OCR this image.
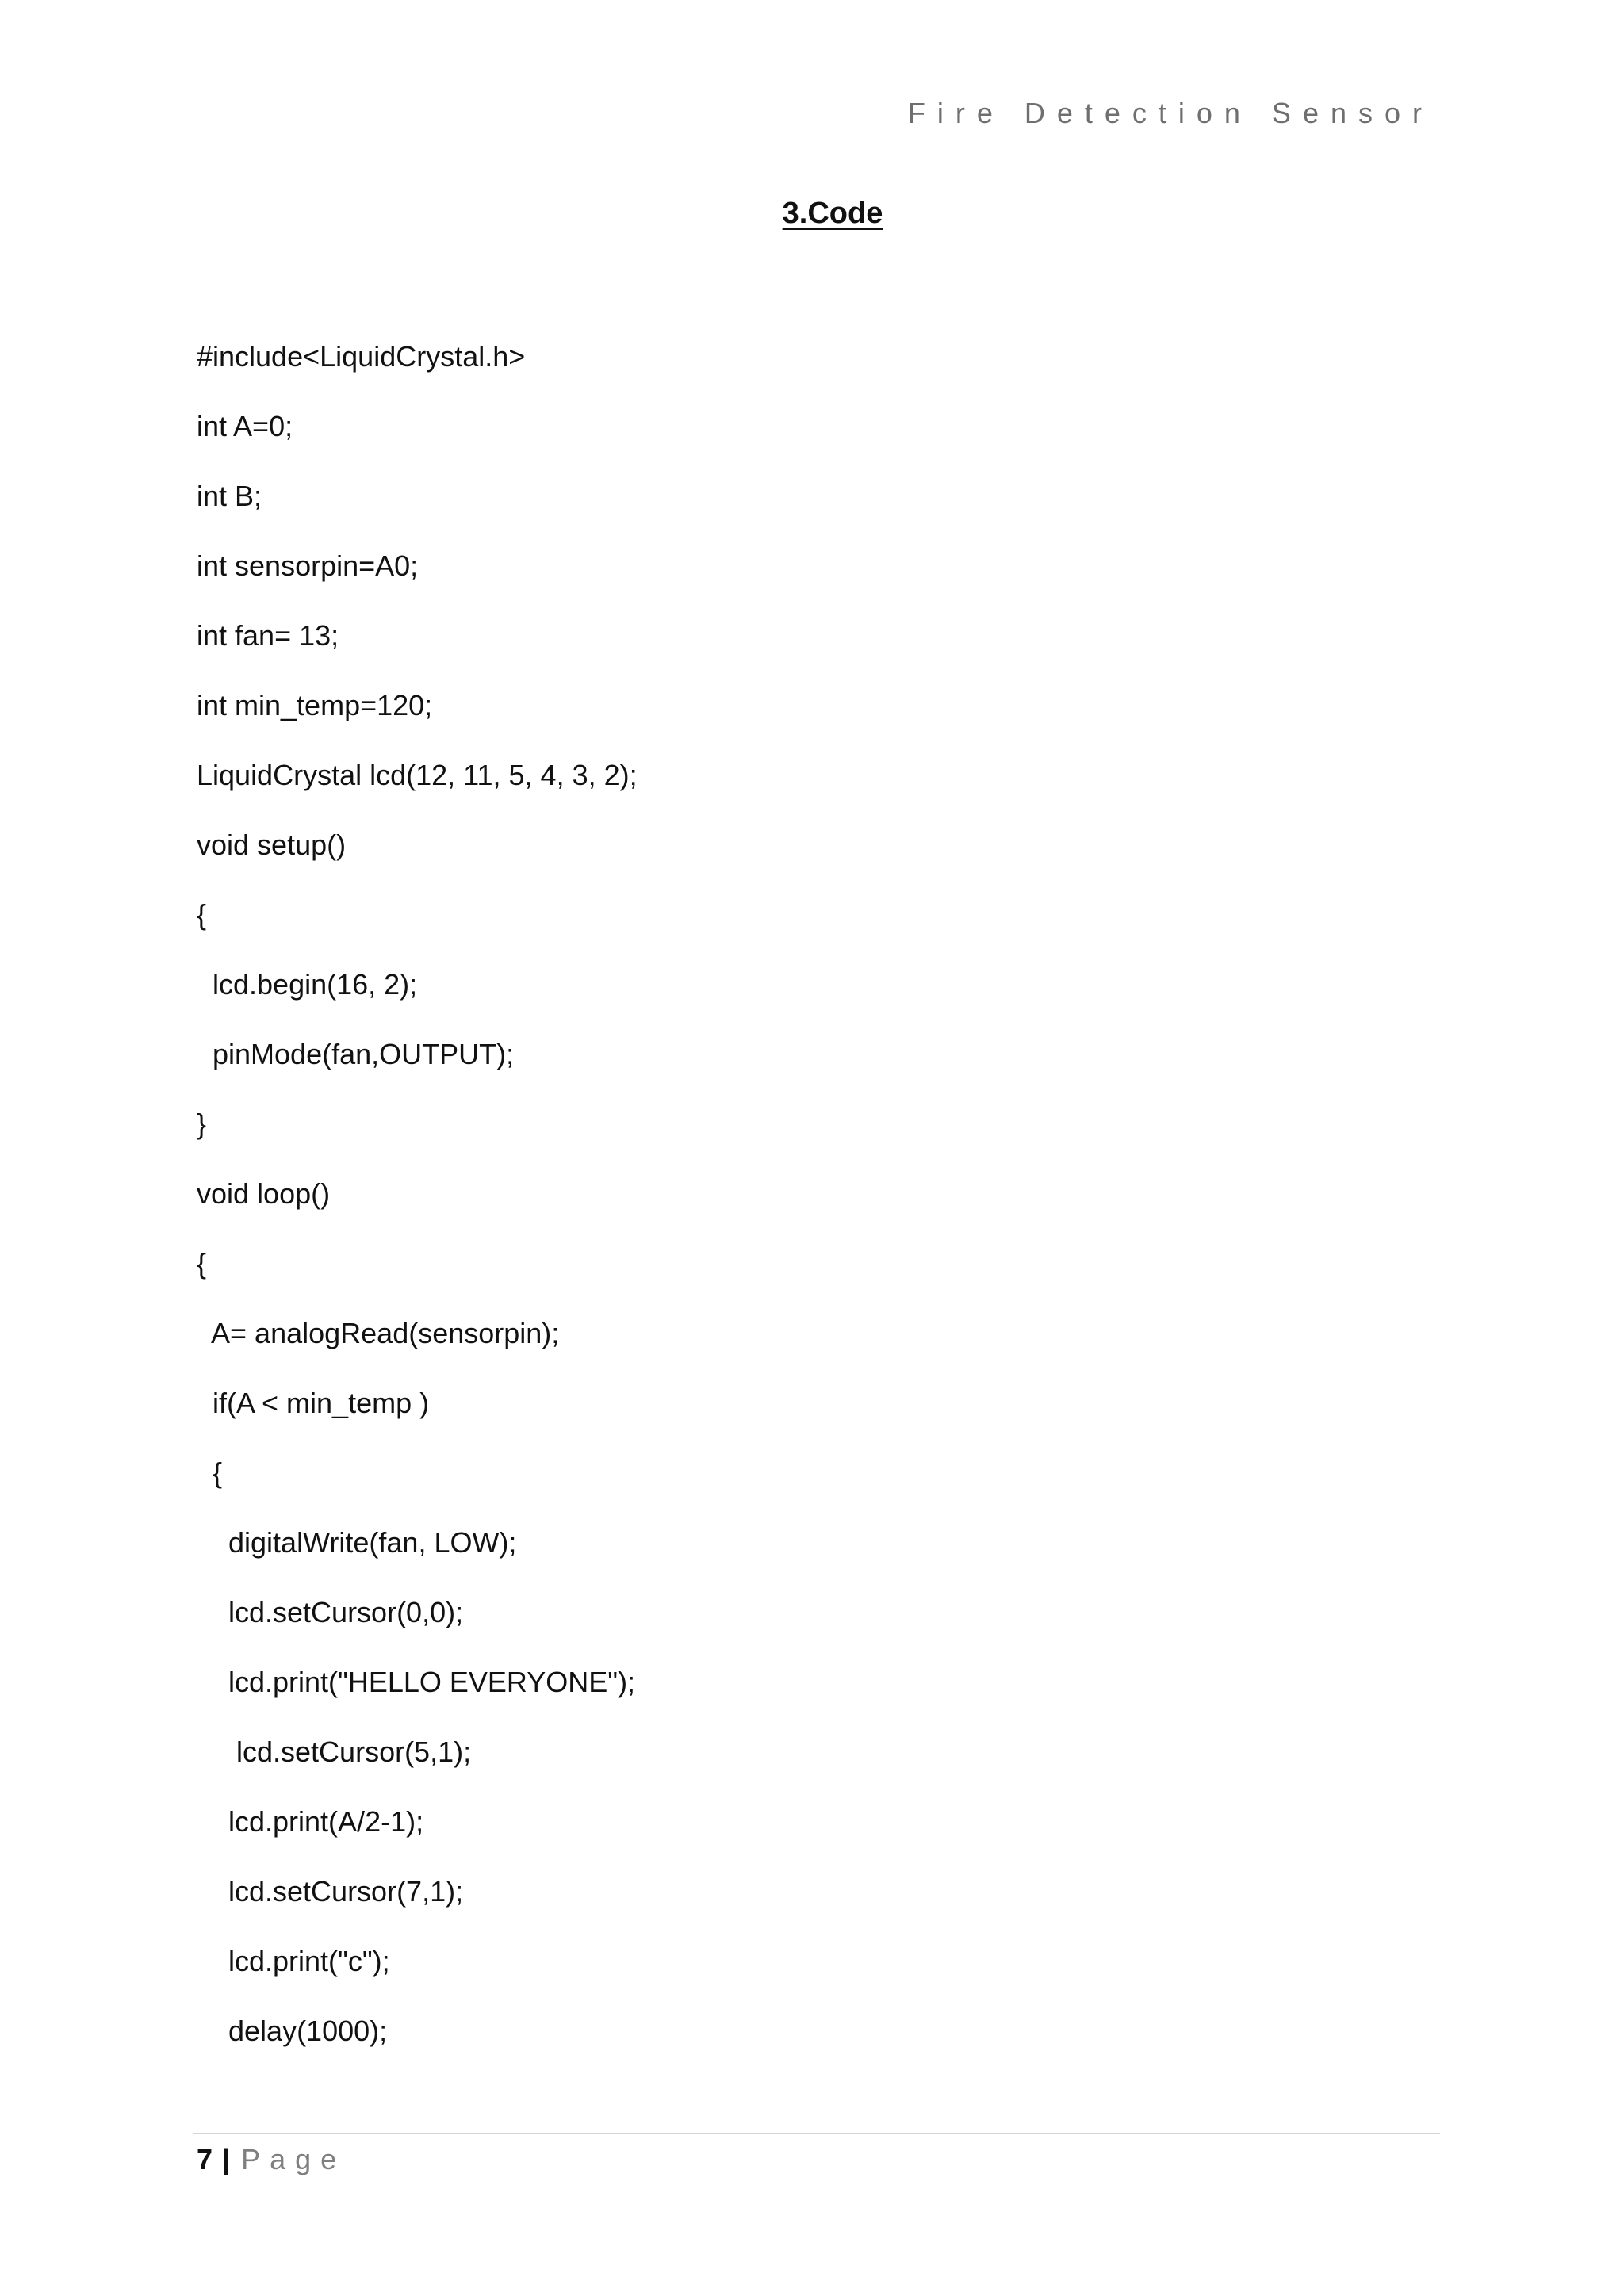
Fire Detection Sensor
3.Code
#include<LiquidCrystal.h>
int A=0;
int B;
int sensorpin=A0;
int fan= 13;
int min_temp=120;
LiquidCrystal lcd(12, 11, 5, 4, 3, 2);
void setup()
{
lcd.begin(16, 2);
pinMode(fan,OUTPUT);
}
void loop()
{
A= analogRead(sensorpin);
if(A < min_temp )
{
digitalWrite(fan, LOW);
lcd.setCursor(0,0);
lcd.print("HELLO EVERYONE");
lcd.setCursor(5,1);
lcd.print(A/2-1);
lcd.setCursor(7,1);
lcd.print("c");
delay(1000);
7 | Page
